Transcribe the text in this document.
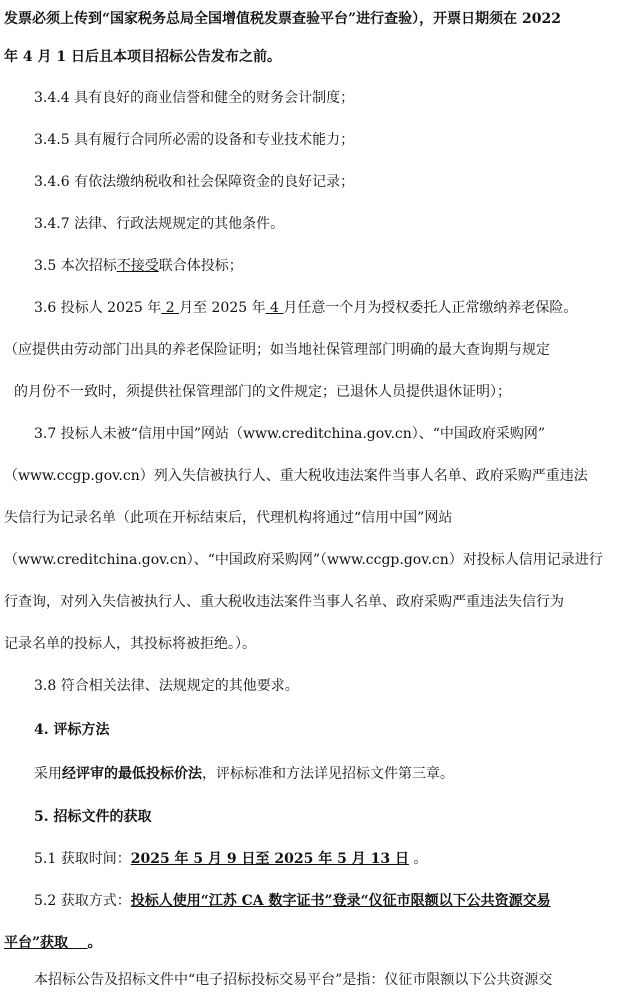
发票必须上传到“国家税务总局全国增值税发票查验平台”进行查验），开票日期须在 2022
年 4 月 1 日后且本项目招标公告发布之前。
3.4.4 具有良好的商业信誉和健全的财务会计制度；
3.4.5 具有履行合同所必需的设备和专业技术能力；
3.4.6 有依法缴纳税收和社会保障资金的良好记录；
3.4.7 法律、行政法规规定的其他条件。
3.5 本次招标不接受联合体投标；
3.6 投标人 2025 年 2 月至 2025 年 4 月任意一个月为授权委托人正常缴纳养老保险。
（应提供由劳动部门出具的养老保险证明；如当地社保管理部门明确的最大查询期与规定
的月份不一致时，须提供社保管理部门的文件规定；已退休人员提供退休证明）；
3.7 投标人未被“信用中国”网站（www.creditchina.gov.cn）、“中国政府采购网”
（www.ccgp.gov.cn）列入失信被执行人、重大税收违法案件当事人名单、政府采购严重违法
失信行为记录名单（此项在开标结束后，代理机构将通过“信用中国”网站
（www.creditchina.gov.cn）、“中国政府采购网”（www.ccgp.gov.cn）对投标人信用记录进行
行查询，对列入失信被执行人、重大税收违法案件当事人名单、政府采购严重违法失信行为
记录名单的投标人，其投标将被拒绝。）。
3.8 符合相关法律、法规规定的其他要求。
4. 评标方法
采用经评审的最低投标价法，评标标准和方法详见招标文件第三章。
5. 招标文件的获取
5.1 获取时间：2025 年 5 月 9 日至 2025 年 5 月 13 日 。
5.2 获取方式：投标人使用“江苏 CA 数字证书”登录“仪征市限额以下公共资源交易
平台”获取    。
本招标公告及招标文件中“电子招标投标交易平台”是指：仪征市限额以下公共资源交
